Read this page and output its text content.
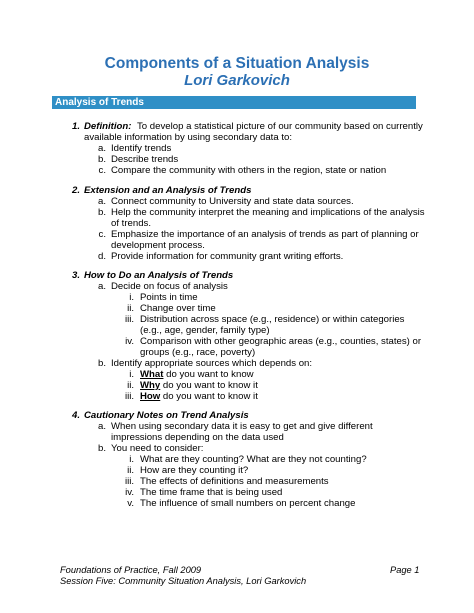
Components of a Situation Analysis
Lori Garkovich
Analysis of Trends
1. Definition: To develop a statistical picture of our community based on currently
available information by using secondary data to:
a. Identify trends
b. Describe trends
c. Compare the community with others in the region, state or nation
2. Extension and an Analysis of Trends
a. Connect community to University and state data sources.
b. Help the community interpret the meaning and implications of the analysis
of trends.
c. Emphasize the importance of an analysis of trends as part of planning or
development process.
d. Provide information for community grant writing efforts.
3. How to Do an Analysis of Trends
a. Decide on focus of analysis
i. Points in time
ii. Change over time
iii. Distribution across space (e.g., residence) or within categories
(e.g., age, gender, family type)
iv. Comparison with other geographic areas (e.g., counties, states) or
groups (e.g., race, poverty)
b. Identify appropriate sources which depends on:
i. What do you want to know
ii. Why do you want to know it
iii. How do you want to know it
4. Cautionary Notes on Trend Analysis
a. When using secondary data it is easy to get and give different
impressions depending on the data used
b. You need to consider:
i. What are they counting? What are they not counting?
ii. How are they counting it?
iii. The effects of definitions and measurements
iv. The time frame that is being used
v. The influence of small numbers on percent change
Foundations of Practice, Fall 2009	Page 1
Session Five: Community Situation Analysis, Lori Garkovich
